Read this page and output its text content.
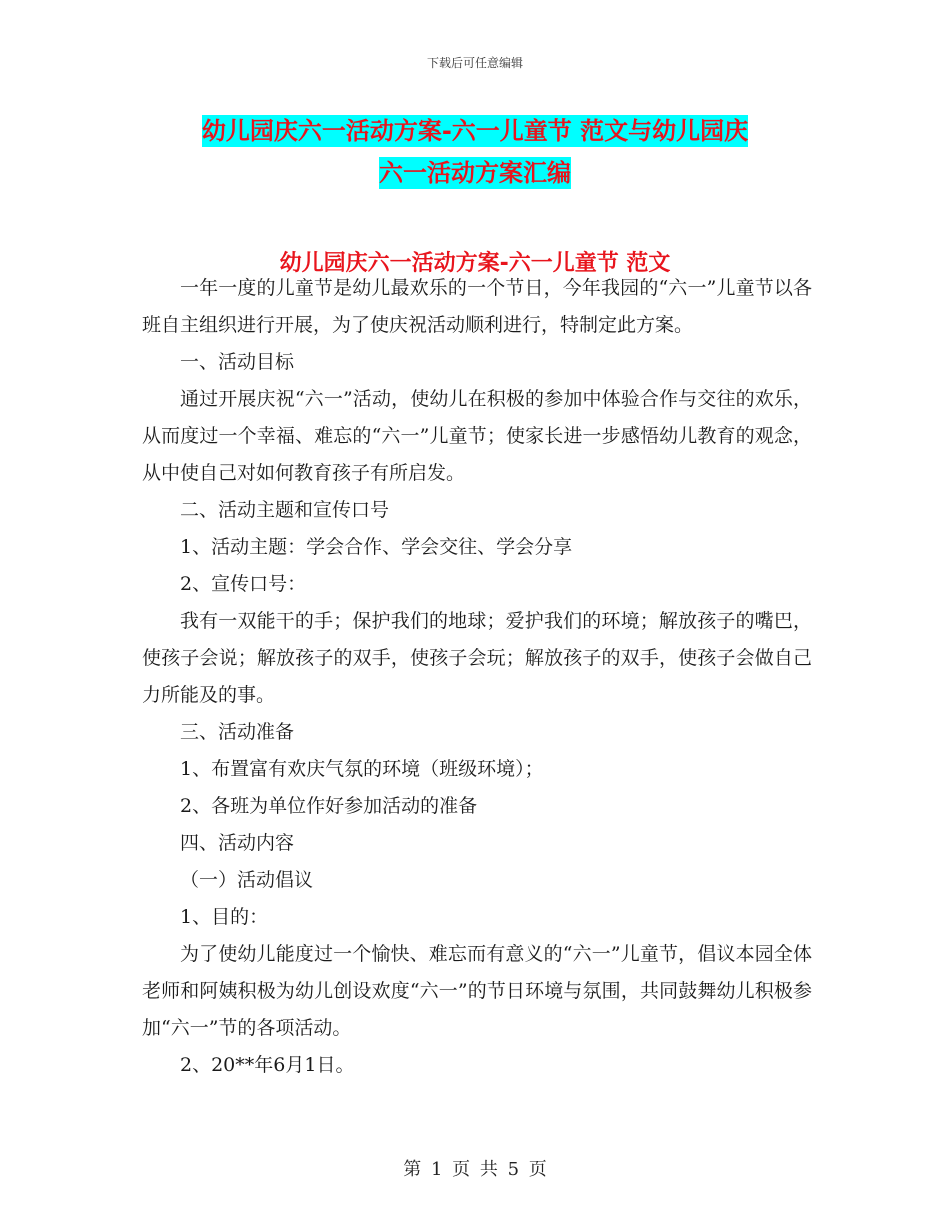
下载后可任意编辑
幼儿园庆六一活动方案-六一儿童节 范文与幼儿园庆
六一活动方案汇编
幼儿园庆六一活动方案-六一儿童节 范文

一年一度的儿童节是幼儿最欢乐的一个节日，今年我园的“六一”儿童节以各班自主组织进行开展，为了使庆祝活动顺利进行，特制定此方案。

一、活动目标

通过开展庆祝“六一”活动，使幼儿在积极的参加中体验合作与交往的欢乐，从而度过一个幸福、难忘的“六一”儿童节；使家长进一步感悟幼儿教育的观念，从中使自己对如何教育孩子有所启发。

二、活动主题和宣传口号

1、活动主题：学会合作、学会交往、学会分享

2、宣传口号：

我有一双能干的手；保护我们的地球；爱护我们的环境；解放孩子的嘴巴，使孩子会说；解放孩子的双手，使孩子会玩；解放孩子的双手，使孩子会做自己力所能及的事。

三、活动准备

1、布置富有欢庆气氛的环境（班级环境）；

2、各班为单位作好参加活动的准备

四、活动内容

（一）活动倡议

1、目的：

为了使幼儿能度过一个愉快、难忘而有意义的“六一”儿童节，倡议本园全体老师和阿姨积极为幼儿创设欢度“六一”的节日环境与氛围，共同鼓舞幼儿积极参加“六一”节的各项活动。

2、20**年6月1日。

第 1 页 共 5 页
